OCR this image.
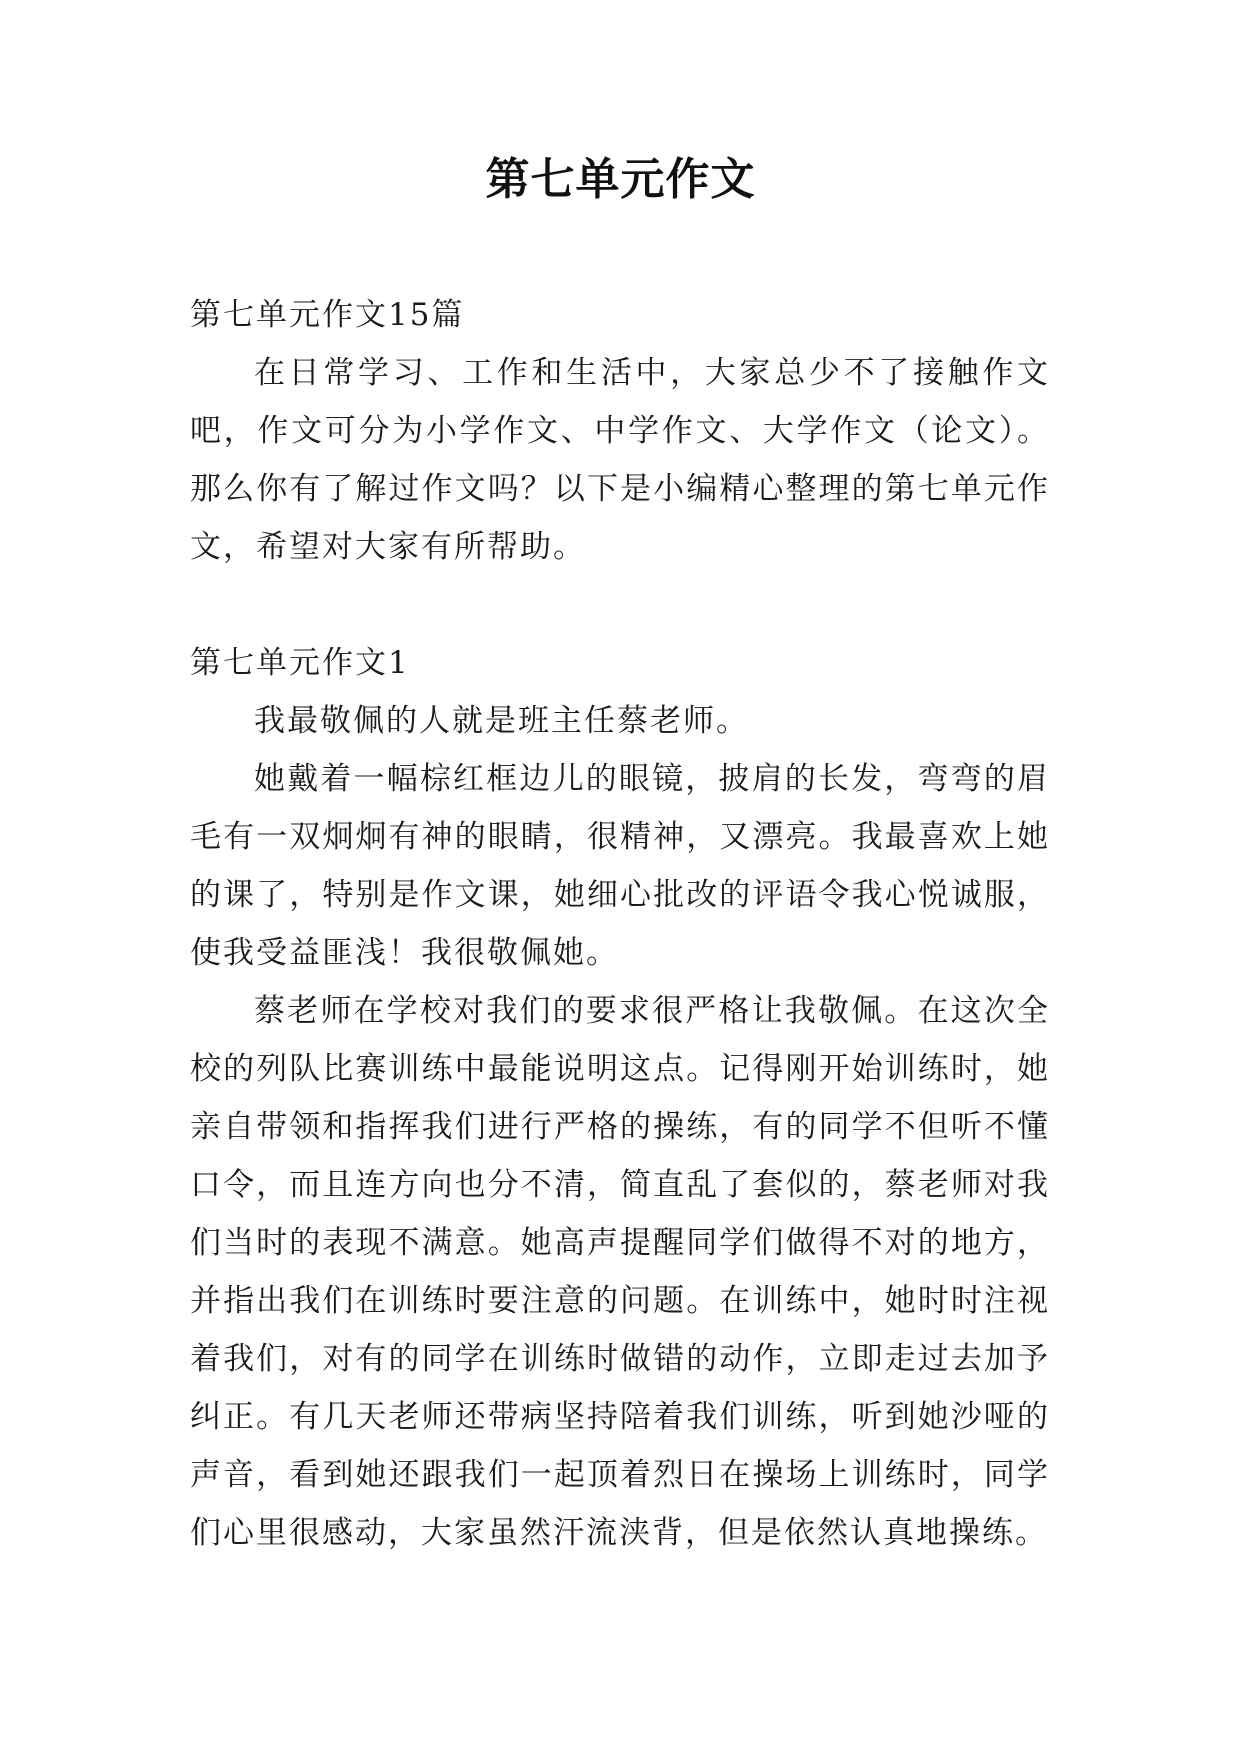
第七单元作文

第七单元作文15篇

在日常学习、工作和生活中，大家总少不了接触作文吧，作文可分为小学作文、中学作文、大学作文（论文）。那么你有了解过作文吗？以下是小编精心整理的第七单元作文，希望对大家有所帮助。

第七单元作文1

我最敬佩的人就是班主任蔡老师。

她戴着一幅棕红框边儿的眼镜，披肩的长发，弯弯的眉毛有一双炯炯有神的眼睛，很精神，又漂亮。我最喜欢上她的课了，特别是作文课，她细心批改的评语令我心悦诚服，使我受益匪浅！我很敬佩她。

蔡老师在学校对我们的要求很严格让我敬佩。在这次全校的列队比赛训练中最能说明这点。记得刚开始训练时，她亲自带领和指挥我们进行严格的操练，有的同学不但听不懂口令，而且连方向也分不清，简直乱了套似的，蔡老师对我们当时的表现不满意。她高声提醒同学们做得不对的地方，并指出我们在训练时要注意的问题。在训练中，她时时注视着我们，对有的同学在训练时做错的动作，立即走过去加予纠正。有几天老师还带病坚持陪着我们训练，听到她沙哑的声音，看到她还跟我们一起顶着烈日在操场上训练时，同学们心里很感动，大家虽然汗流浃背，但是依然认真地操练。
